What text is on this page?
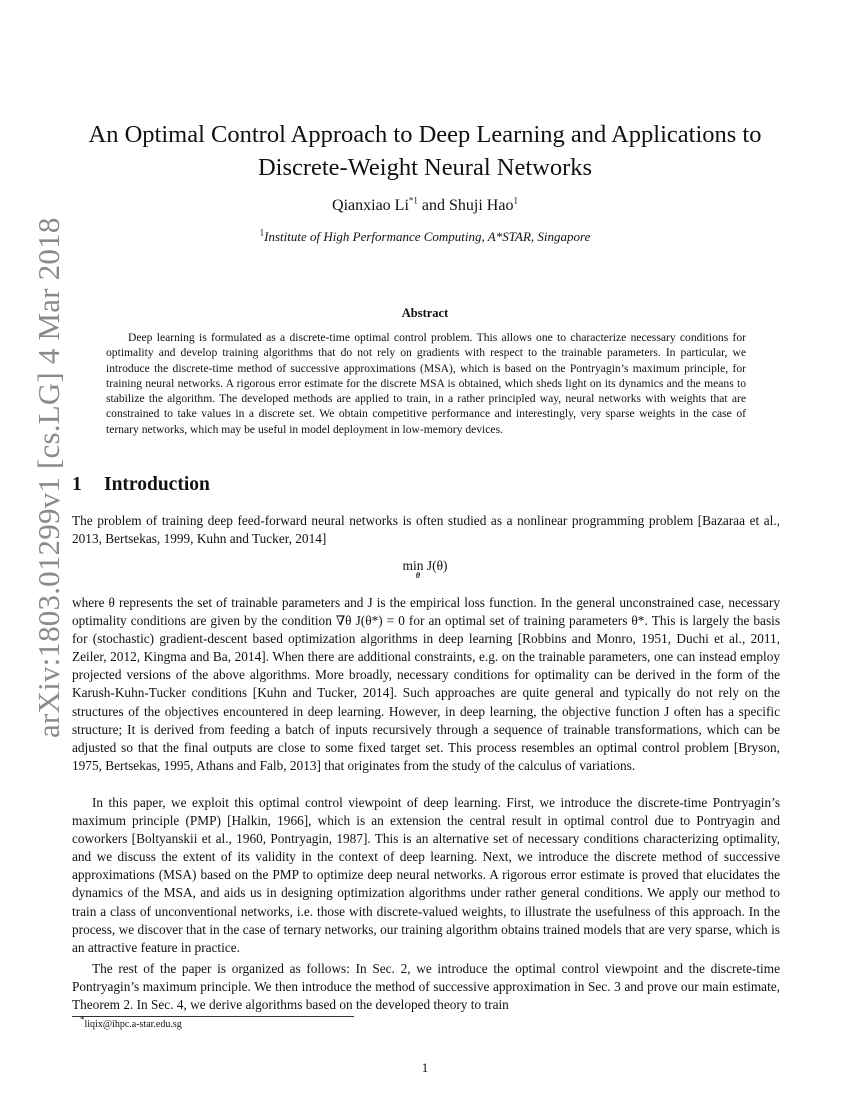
arXiv:1803.01299v1 [cs.LG] 4 Mar 2018
An Optimal Control Approach to Deep Learning and Applications to
Discrete-Weight Neural Networks
Qianxiao Li$^{*1}$ and Shuji Hao$^1$
$^1$Institute of High Performance Computing, A*STAR, Singapore
Abstract

Deep learning is formulated as a discrete-time optimal control problem. This allows one to characterize necessary conditions for optimality and develop training algorithms that do not rely on gradients with respect to the trainable parameters. In particular, we introduce the discrete-time method of successive approximations (MSA), which is based on the Pontryagin’s maximum principle, for training neural networks. A rigorous error estimate for the discrete MSA is obtained, which sheds light on its dynamics and the means to stabilize the algorithm. The developed methods are applied to train, in a rather principled way, neural networks with weights that are constrained to take values in a discrete set. We obtain competitive performance and interestingly, very sparse weights in the case of ternary networks, which may be useful in model deployment in low-memory devices.

1 Introduction

The problem of training deep feed-forward neural networks is often studied as a nonlinear programming problem [Bazaraa et al., 2013, Bertsekas, 1999, Kuhn and Tucker, 2014]

min J(θ)
θ

where θ represents the set of trainable parameters and J is the empirical loss function. In the general unconstrained case, necessary optimality conditions are given by the condition ∇θ J(θ*) = 0 for an optimal set of training parameters θ*. This is largely the basis for (stochastic) gradient-descent based optimization algorithms in deep learning [Robbins and Monro, 1951, Duchi et al., 2011, Zeiler, 2012, Kingma and Ba, 2014]. When there are additional constraints, e.g. on the trainable parameters, one can instead employ projected versions of the above algorithms. More broadly, necessary conditions for optimality can be derived in the form of the Karush-Kuhn-Tucker conditions [Kuhn and Tucker, 2014]. Such approaches are quite general and typically do not rely on the structures of the objectives encountered in deep learning. However, in deep learning, the objective function J often has a specific structure; It is derived from feeding a batch of inputs recursively through a sequence of trainable transformations, which can be adjusted so that the final outputs are close to some fixed target set. This process resembles an optimal control problem [Bryson, 1975, Bertsekas, 1995, Athans and Falb, 2013] that originates from the study of the calculus of variations.

In this paper, we exploit this optimal control viewpoint of deep learning. First, we introduce the discrete-time Pontryagin’s maximum principle (PMP) [Halkin, 1966], which is an extension the central result in optimal control due to Pontryagin and coworkers [Boltyanskii et al., 1960, Pontryagin, 1987]. This is an alternative set of necessary conditions characterizing optimality, and we discuss the extent of its validity in the context of deep learning. Next, we introduce the discrete method of successive approximations (MSA) based on the PMP to optimize deep neural networks. A rigorous error estimate is proved that elucidates the dynamics of the MSA, and aids us in designing optimization algorithms under rather general conditions. We apply our method to train a class of unconventional networks, i.e. those with discrete-valued weights, to illustrate the usefulness of this approach. In the process, we discover that in the case of ternary networks, our training algorithm obtains trained models that are very sparse, which is an attractive feature in practice.

The rest of the paper is organized as follows: In Sec. 2, we introduce the optimal control viewpoint and the discrete-time Pontryagin’s maximum principle. We then introduce the method of successive approximation in Sec. 3 and prove our main estimate, Theorem 2. In Sec. 4, we derive algorithms based on the developed theory to train

*liqix@ihpc.a-star.edu.sg
1
